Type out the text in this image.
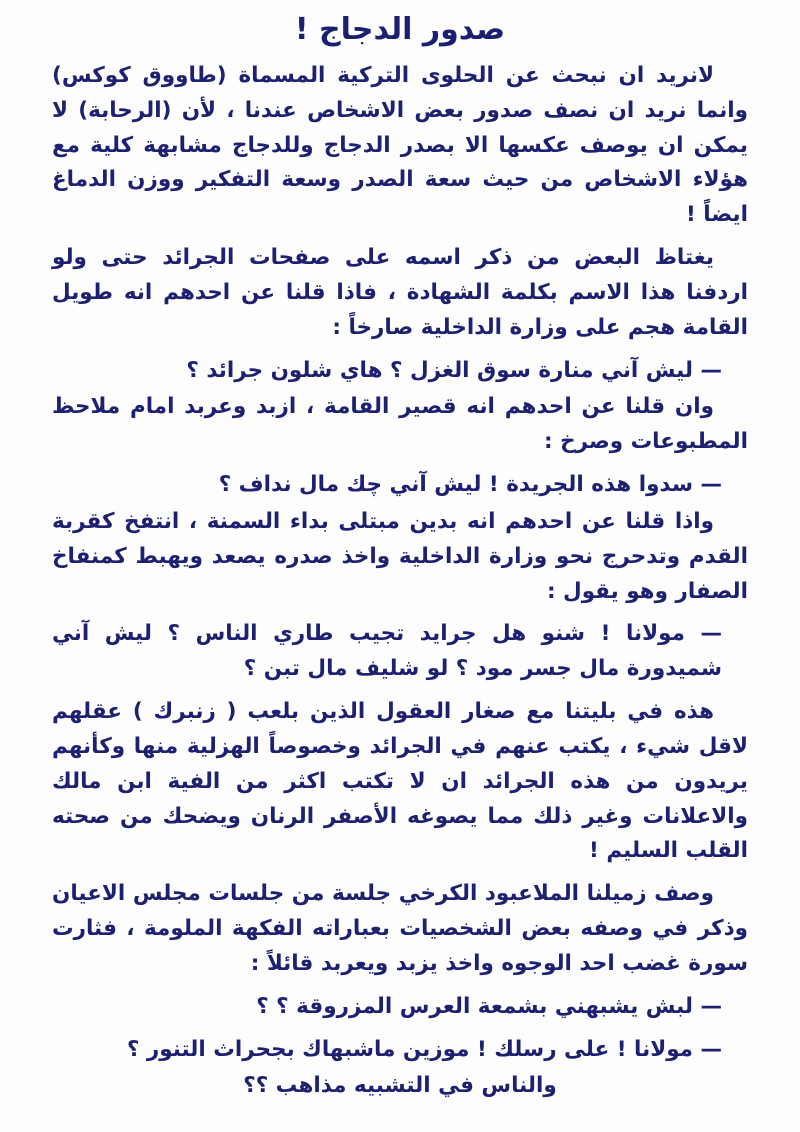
صدور الدجاج !

لانريد ان نبحث عن الحلوى التركية المسماة (طاووق كوكس) وانما نريد ان نصف صدور بعض الاشخاص عندنا ، لأن (الرحابة) لا يمكن ان يوصف عكسها الا بصدر الدجاج وللدجاج مشابهة كلية مع هؤلاء الاشخاص من حيث سعة الصدر وسعة التفكير ووزن الدماغ ايضاً !

يغتاظ البعض من ذكر اسمه على صفحات الجرائد حتى ولو اردفنا هذا الاسم بكلمة الشهادة ، فاذا قلنا عن احدهم انه طويل القامة هجم على وزارة الداخلية صارخاً :

— ليش آني منارة سوق الغزل ؟ هاي شلون جرائد ؟

وان قلنا عن احدهم انه قصير القامة ، ازبد وعربد امام ملاحظ المطبوعات وصرخ :

— سدوا هذه الجريدة ! ليش آني چك مال نداف ؟

واذا قلنا عن احدهم انه بدين مبتلى بداء السمنة ، انتفخ كقربة القدم وتدحرج نحو وزارة الداخلية واخذ صدره يصعد ويهبط كمنفاخ الصفار وهو يقول :

— مولانا ! شنو هل جرايد تجيب طاري الناس ؟ ليش آني شميدورة مال جسر مود ؟ لو شليف مال تبن ؟

هذه في بليتنا مع صغار العقول الذين بلعب ( زنبرك ) عقلهم لاقل شيء ، يكتب عنهم في الجرائد وخصوصاً الهزلية منها وكأنهم يريدون من هذه الجرائد ان لا تكتب اكثر من الفية ابن مالك والاعلانات وغير ذلك مما يصوغه الأصفر الرنان ويضحك من صحته القلب السليم !

وصف زميلنا الملاعبود الكرخي جلسة من جلسات مجلس الاعيان وذكر في وصفه بعض الشخصيات بعباراته الفكهة الملومة ، فثارت سورة غضب احد الوجوه واخذ يزبد ويعربد قائلاً :

— لبش يشبهني بشمعة العرس المزروقة ؟ ؟

— مولانا ! على رسلك ! موزين ماشبهاك بجحراث التنور ؟

والناس في التشبيه مذاهب ؟؟
